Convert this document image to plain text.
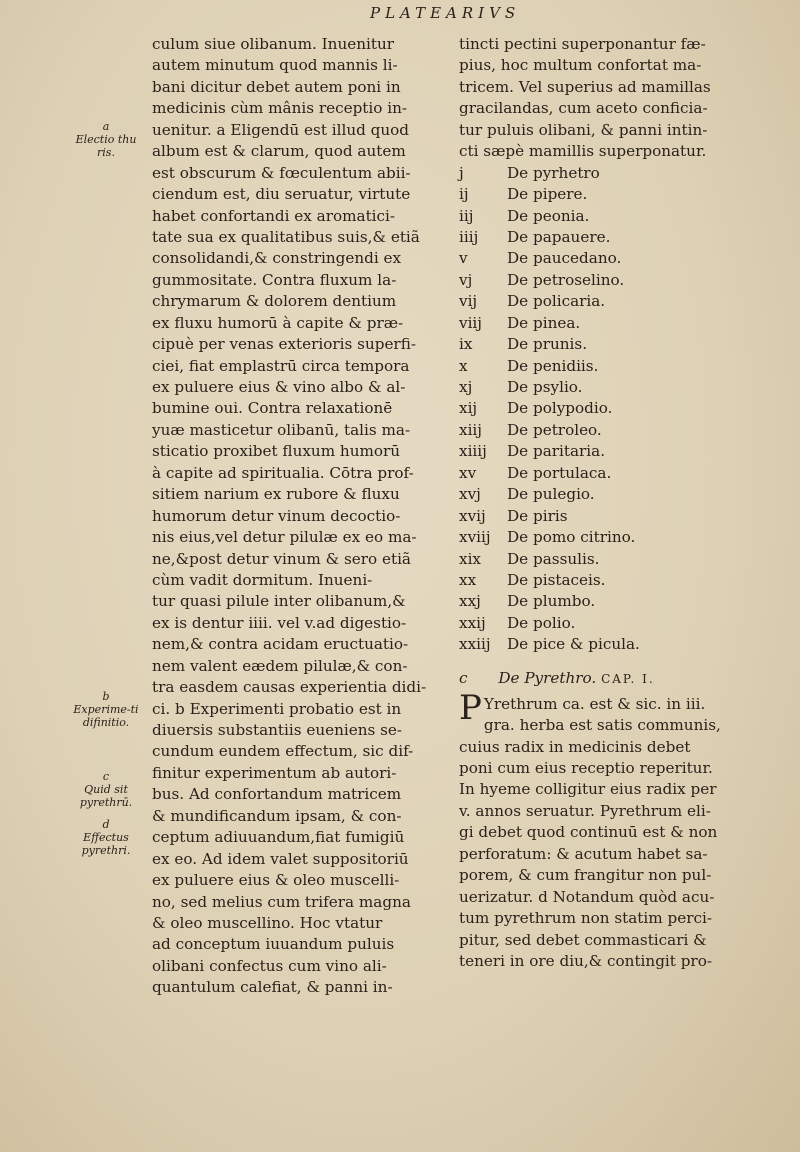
PLATEARIVS
a
Electio thu ris.
b
Experime-ti difinitio.
c
Quid sit pyrethrū.
d
Effectus pyrethri.
culum siue olibanum. Inuenitur
autem minutum quod mannis li-
bani dicitur debet autem poni in
medicinis cùm mânis receptio in-
uenitur. a Eligendū est illud quod
album est & clarum, quod autem
est obscurum & fœculentum abii-
ciendum est, diu seruatur, virtute
habet confortandi ex aromatici-
tate sua ex qualitatibus suis,& etiã
consolidandi,& constringendi ex
gummositate. Contra fluxum la-
chrymarum & dolorem dentium
ex fluxu humorū à capite & præ-
cipuè per venas exterioris superfi-
ciei, fiat emplastrū circa tempora
ex puluere eius & vino albo & al-
bumine oui. Contra relaxationē
yuæ masticetur olibanū, talis ma-
sticatio proxibet fluxum humorū
à capite ad spiritualia. Cōtra prof-
sitiem narium ex rubore & fluxu
humorum detur vinum decoctio-
nis eius,vel detur pilulæ ex eo ma-
ne,&post detur vinum & sero etiã
cùm vadit dormitum. Inueni-
tur quasi pilule inter olibanum,&
ex is dentur iiii. vel v.ad digestio-
nem,& contra acidam eructuatio-
nem valent eædem pilulæ,& con-
tra easdem causas experientia didi-
ci. b Experimenti probatio est in
diuersis substantiis eueniens se-
cundum eundem effectum, sic dif-
finitur experimentum ab autori-
bus. Ad confortandum matricem
& mundificandum ipsam, & con-
ceptum adiuuandum,fiat fumigiū
ex eo. Ad idem valet suppositoriū
ex puluere eius & oleo muscelli-
no, sed melius cum trifera magna
& oleo muscellino. Hoc vtatur
ad conceptum iuuandum puluis
olibani confectus cum vino ali-
quantulum calefiat, & panni in-
tincti pectini superponantur fæ-
pius, hoc multum confortat ma-
tricem. Vel superius ad mamillas
gracilandas, cum aceto conficia-
tur puluis olibani, & panni intin-
cti sæpè mamillis superponatur.
j	De pyrhetro
ij	De pipere.
iij	De peonia.
iiij	De papauere.
v	De paucedano.
vj	De petroselino.
vij	De policaria.
viij	De pinea.
ix	De prunis.
x	De penidiis.
xj	De psylio.
xij	De polypodio.
xiij	De petroleo.
xiiij	De paritaria.
xv	De portulaca.
xvj	De pulegio.
xvij	De piris
xviij	De pomo citrino.
xix	De passulis.
xx	De pistaceis.
xxj	De plumbo.
xxij	De polio.
xxiij	De pice & picula.
c De Pyrethro. CAP. I.
P Yrethrum ca. est & sic. in iii.
gra. herba est satis communis,
cuius radix in medicinis debet
poni cum eius receptio reperitur.
In hyeme colligitur eius radix per
v. annos seruatur. Pyrethrum eli-
gi debet quod continuū est & non
perforatum: & acutum habet sa-
porem, & cum frangitur non pul-
uerizatur. d Notandum quòd acu-
tum pyrethrum non statim perci-
pitur, sed debet commasticari &
teneri in ore diu,& contingit pro-
